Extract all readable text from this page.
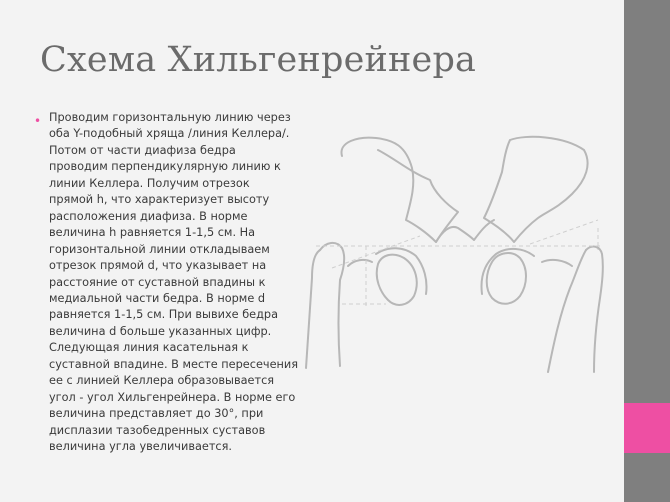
Схема Хильгенрейнера
• Проводим горизонтальную линию через
оба Y-подобный хряща /линия Келлера/.
Потом от части диафиза бедра
проводим перпендикулярную линию к
линии Келлера. Получим отрезок
прямой h, что характеризует высоту
расположения диафиза. В норме
величина h равняется 1-1,5 см. На
горизонтальной линии откладываем
отрезок прямой d, что указывает на
расстояние от суставной впадины к
медиальной части бедра. В норме d
равняется 1-1,5 см. При вывихе бедра
величина d больше указанных цифр.
Следующая линия касательная к
суставной впадине. В месте пересечения
ее с линией Келлера образовывается
угол - угол Хильгенрейнера. В норме его
величина представляет до 30°, при
дисплазии тазобедренных суставов
величина угла увеличивается.
